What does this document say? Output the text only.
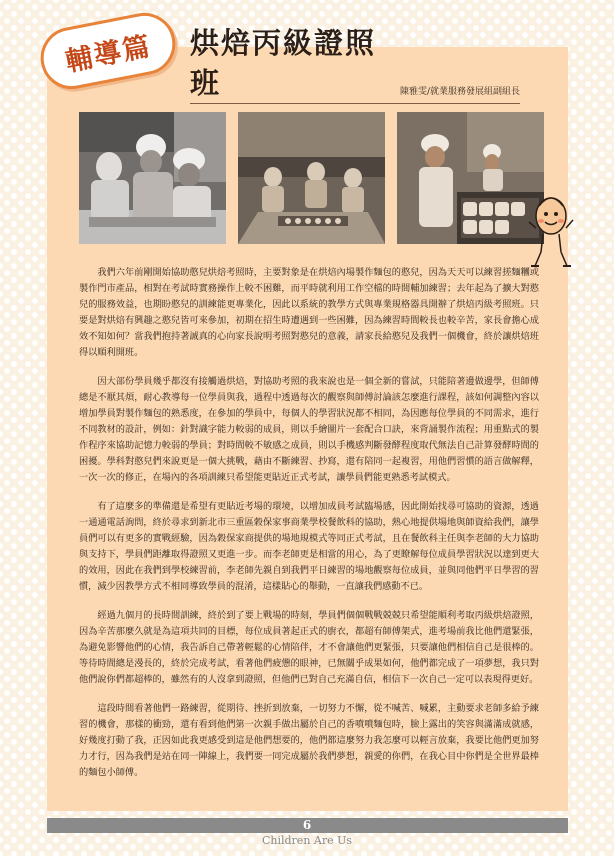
輔導篇 烘焙丙級證照班	陳雅雯/就業服務發展組副組長

我們六年前剛開始協助憨兒烘焙考照時，主要對象是在烘焙內場製作麵包的憨兒，因為天天可以練習搓麵糰或製作門市產品，相對在考試時實務操作上較不困難，而平時就利用工作空檔的時間輔加練習；去年起為了擴大對憨兒的服務效益，也期盼憨兒的訓練能更專業化，因此以系統的教學方式與專業規格器具開辦了烘焙丙級考照班。只要是對烘焙有興趣之憨兒皆可來參加，初期在招生時遭遇到一些困難，因為練習時間較長也較辛苦，家長會擔心成效不知如何？當我們抱持著誠真的心向家長說明考照對憨兒的意義，請家長給憨兒及我們一個機會，終於讓烘焙班得以順利開班。

因大部份學員幾乎都沒有接觸過烘焙，對協助考照的我來說也是一個全新的嘗試，只能陪著邊做邊學，但師傅總是不厭其煩，耐心教導每一位學員與我，過程中透過每次的觀察與師傅討論該怎麼進行課程，該如何調整內容以增加學員對製作麵包的熟悉度，在參加的學員中，每個人的學習狀況都不相同，為因應每位學員的不同需求，進行不同教材的設計，例如：針對識字能力較弱的成員，則以手繪圖片一套配合口訣，來背誦製作流程；用重點式的製作程序來協助記憶力較弱的學員；對時間較不敏感之成員，則以手機感判斷發酵程度取代無法自己計算發酵時間的困擾。學科對憨兒們來說更是一個大挑戰，藉由不斷練習、抄寫，還有陪同一起複習，用他們習慣的語言做解釋，一次一次的修正，在場內的各項訓練只希望能更貼近正式考試，讓學員們能更熟悉考試模式。

有了這麼多的準備還是希望有更貼近考場的環境，以增加成員考試臨場感，因此開始找尋可協助的資源，透過一通通電話詢問，終於尋求到新北市三重區穀保家事商業學校餐飲科的協助，熱心地提供場地與師資給我們，讓學員們可以有更多的實戰經驗，因為穀保家商提供的場地規模式等同正式考試，且在餐飲科主任與李老師的大力協助與支持下，學員們距離取得證照又更進一步。而李老師更是相當的用心，為了更瞭解每位成員學習狀況以達到更大的效用，因此在我們到學校練習前，李老師先親自到我們平日練習的場地觀察每位成員，並與同他們平日學習的習慣，減少因教學方式不相同導致學員的混淆，這樣貼心的舉動，一直讓我們感動不已。

經過九個月的長時間訓練，終於到了要上戰場的時刻，學員們個個戰戰兢兢只希望能順利考取丙級烘焙證照，因為辛苦那麼久就是為這項共同的目標，每位成員著起正式的廚衣，都超有師傅架式，進考場前我比他們還緊張，為避免影響他們的心情，我告訴自己帶著輕鬆的心情陪伴，才不會讓他們更緊張，只要讓他們相信自己是很棒的。等待時間總是漫長的，終於完成考試，看著他們疲憊的眼神，已無關乎成果如何，他們都完成了一項夢想，我只對他們說你們都超棒的，雖然有的人沒拿到證照，但他們已對自己充滿自信，相信下一次自己一定可以表現得更好。

這段時間看著他們一路練習，從期待、挫折到放棄，一切努力不懈，從不喊苦、喊累，主動要求老師多給予練習的機會，那樣的衝勁，還有看到他們第一次親手做出屬於自己的香噴噴麵包時，臉上露出的笑容與滿滿成就感，好幾度打動了我，正因如此我更感受到這是他們想要的，他們都這麼努力我怎麼可以輕言放棄，我要比他們更加努力才行，因為我們是站在同一陣線上，我們要一同完成屬於我們夢想，親愛的你們，在我心目中你們是全世界最棒的麵包小師傅。

6
Children Are Us
